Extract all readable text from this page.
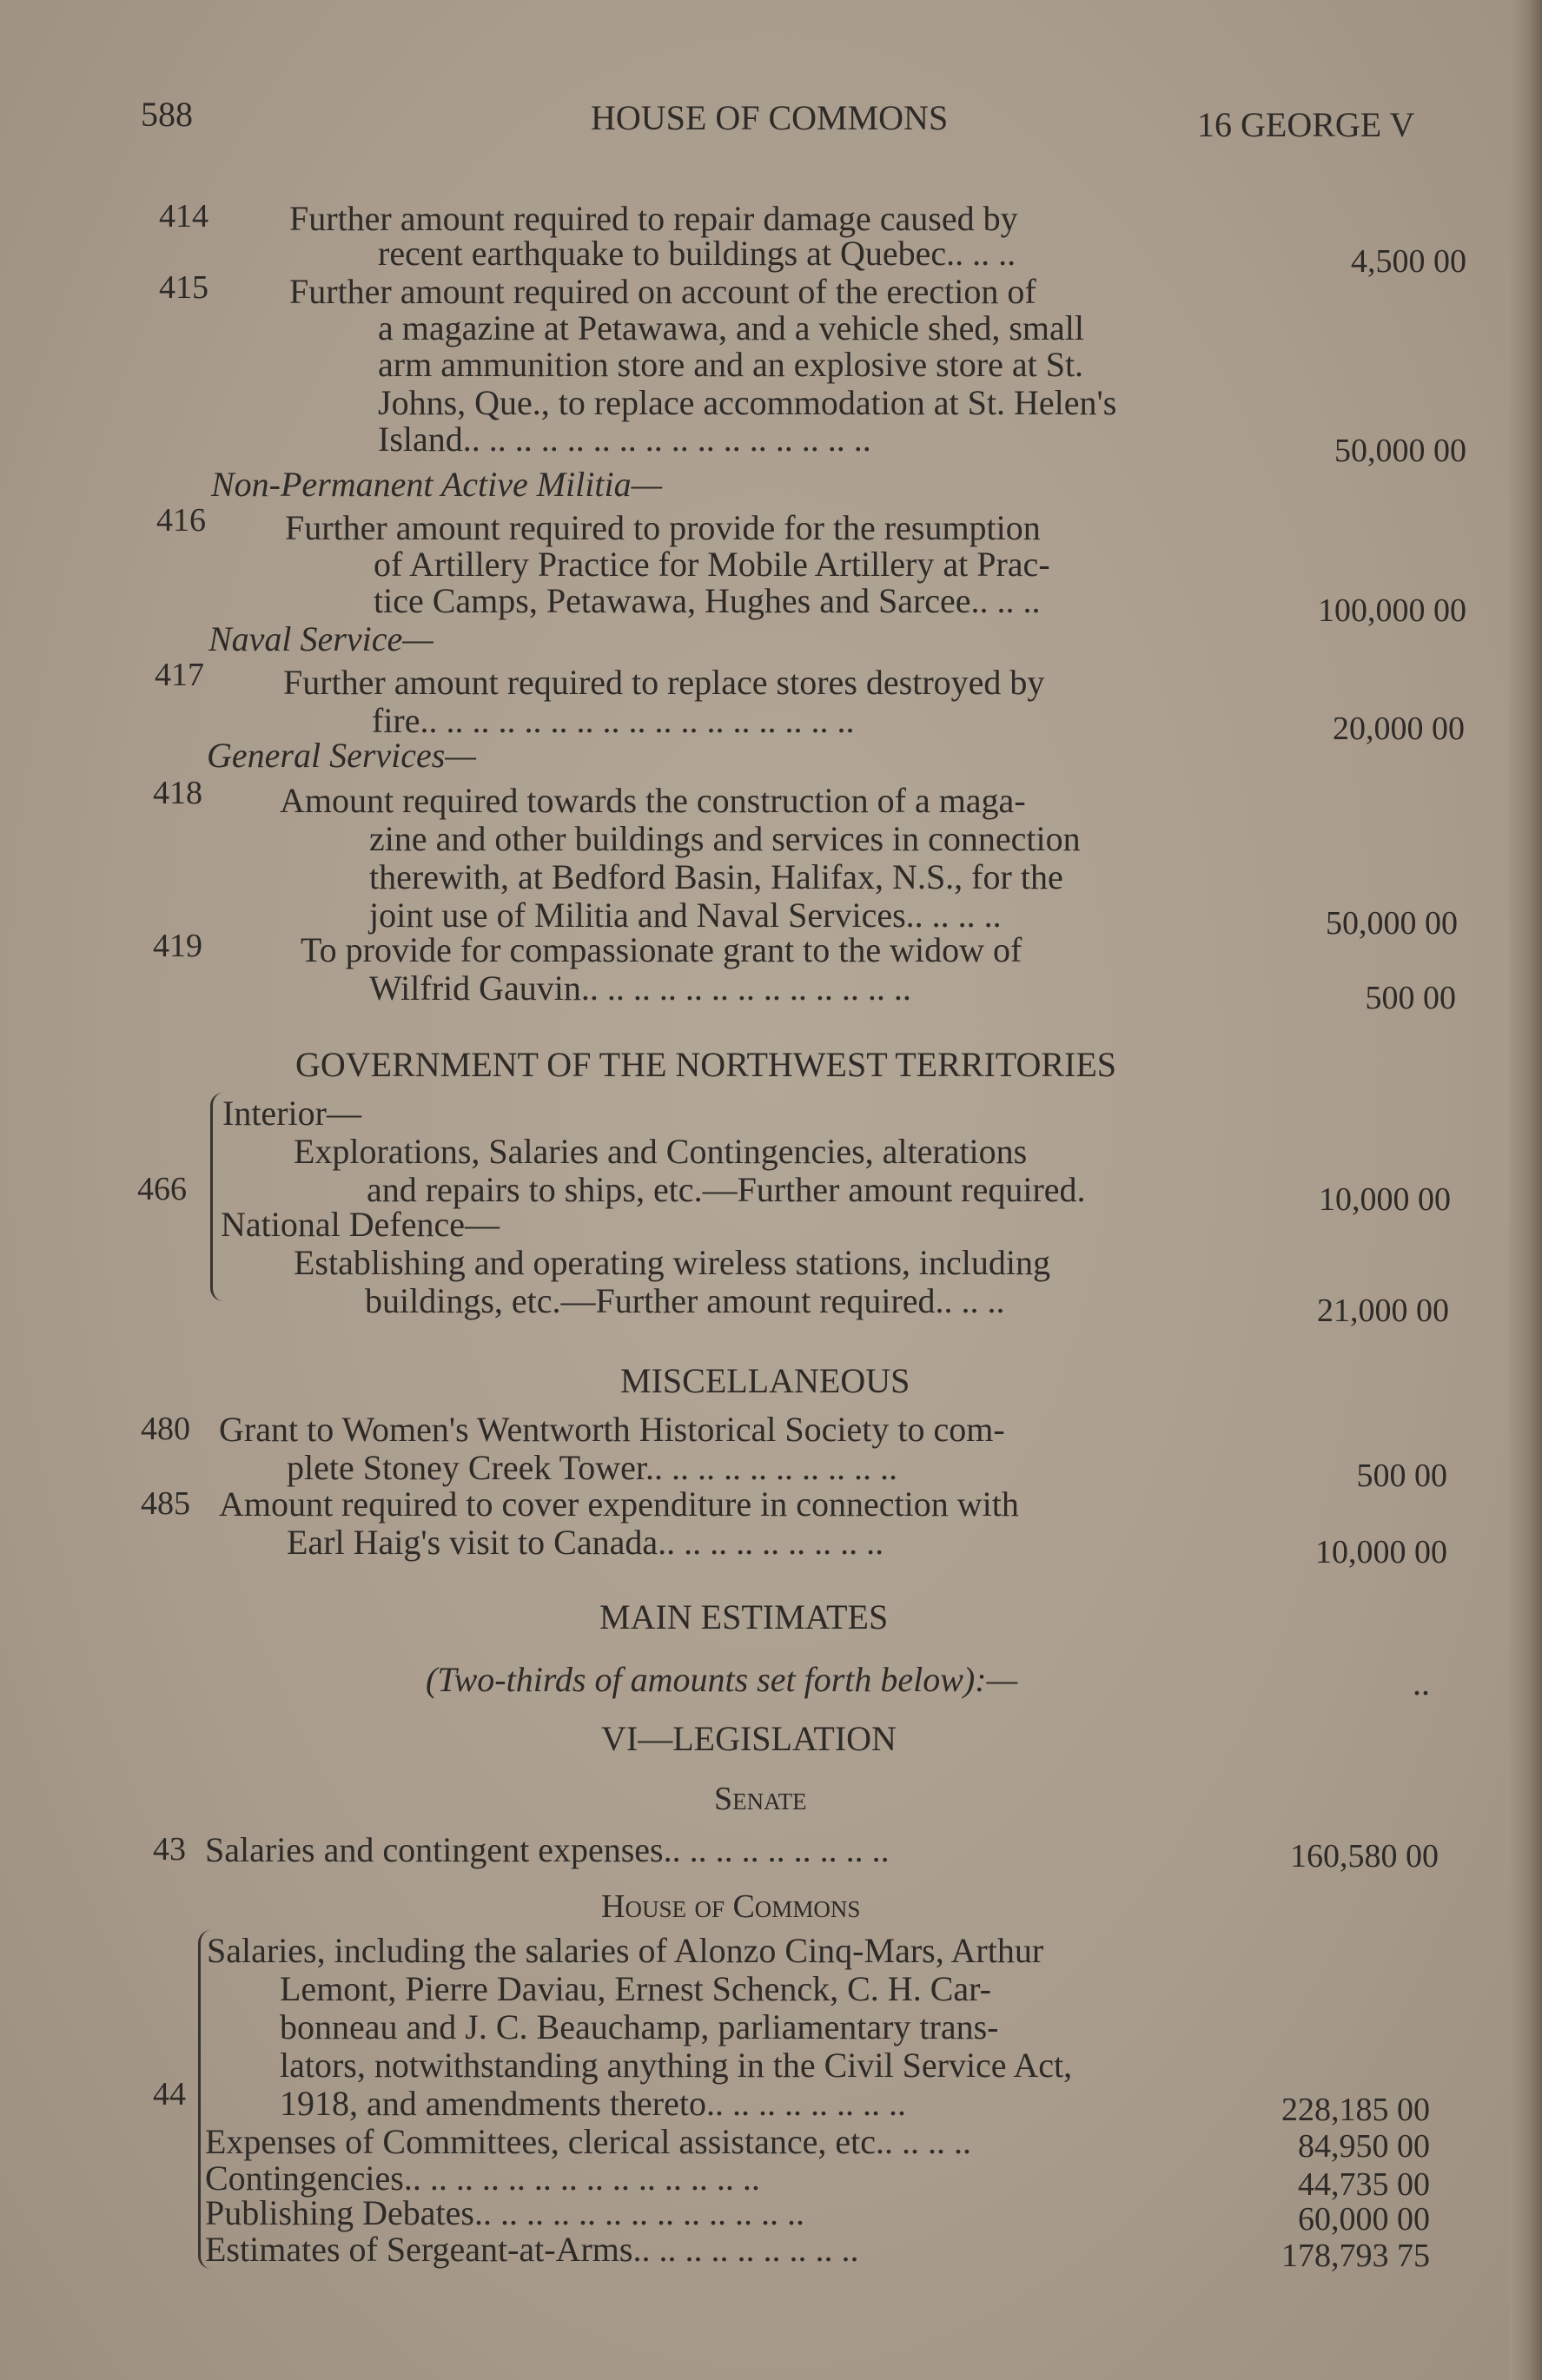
588	HOUSE OF COMMONS	16 GEORGE V
414 Further amount required to repair damage caused by
recent earthquake to buildings at Quebec.. .. ..	4,500 00
415 Further amount required on account of the erection of
a magazine at Petawawa, and a vehicle shed, small
arm ammunition store and an explosive store at St.
Johns, Que., to replace accommodation at St. Helen's
Island.. .. .. .. .. .. .. .. .. .. .. .. .. .. .. ..	50,000 00
Non-Permanent Active Militia—
416 Further amount required to provide for the resumption
of Artillery Practice for Mobile Artillery at Prac-
tice Camps, Petawawa, Hughes and Sarcee.. .. ..	100,000 00
Naval Service—
417 Further amount required to replace stores destroyed by
fire.. .. .. .. .. .. .. .. .. .. .. .. .. .. .. .. ..	20,000 00
General Services—
418 Amount required towards the construction of a maga-
zine and other buildings and services in connection
therewith, at Bedford Basin, Halifax, N.S., for the
joint use of Militia and Naval Services.. .. .. ..	50,000 00
419	To provide for compassionate grant to the widow of
Wilfrid Gauvin.. .. .. .. .. .. .. .. .. .. .. .. ..	500 00
GOVERNMENT OF THE NORTHWEST TERRITORIES
466
Interior—
Explorations, Salaries and Contingencies, alterations
and repairs to ships, etc.—Further amount required.	10,000 00
National Defence—
Establishing and operating wireless stations, including
buildings, etc.—Further amount required.. .. ..	21,000 00
MISCELLANEOUS
480 Grant to Women's Wentworth Historical Society to com-
plete Stoney Creek Tower.. .. .. .. .. .. .. .. .. ..	500 00
485 Amount required to cover expenditure in connection with
Earl Haig's visit to Canada.. .. .. .. .. .. .. .. ..	10,000 00
MAIN ESTIMATES
(Two-thirds of amounts set forth below):—	..
VI—LEGISLATION
Senate
43 Salaries and contingent expenses.. .. .. .. .. .. .. .. ..	160,580 00
House of Commons
44
Salaries, including the salaries of Alonzo Cinq-Mars, Arthur
Lemont, Pierre Daviau, Ernest Schenck, C. H. Car-
bonneau and J. C. Beauchamp, parliamentary trans-
lators, notwithstanding anything in the Civil Service Act,
1918, and amendments thereto.. .. .. .. .. .. .. ..	228,185 00
Expenses of Committees, clerical assistance, etc.. .. .. ..	84,950 00
Contingencies.. .. .. .. .. .. .. .. .. .. .. .. .. ..	44,735 00
Publishing Debates.. .. .. .. .. .. .. .. .. .. .. .. ..	60,000 00
Estimates of Sergeant-at-Arms.. .. .. .. .. .. .. .. ..	178,793 75
